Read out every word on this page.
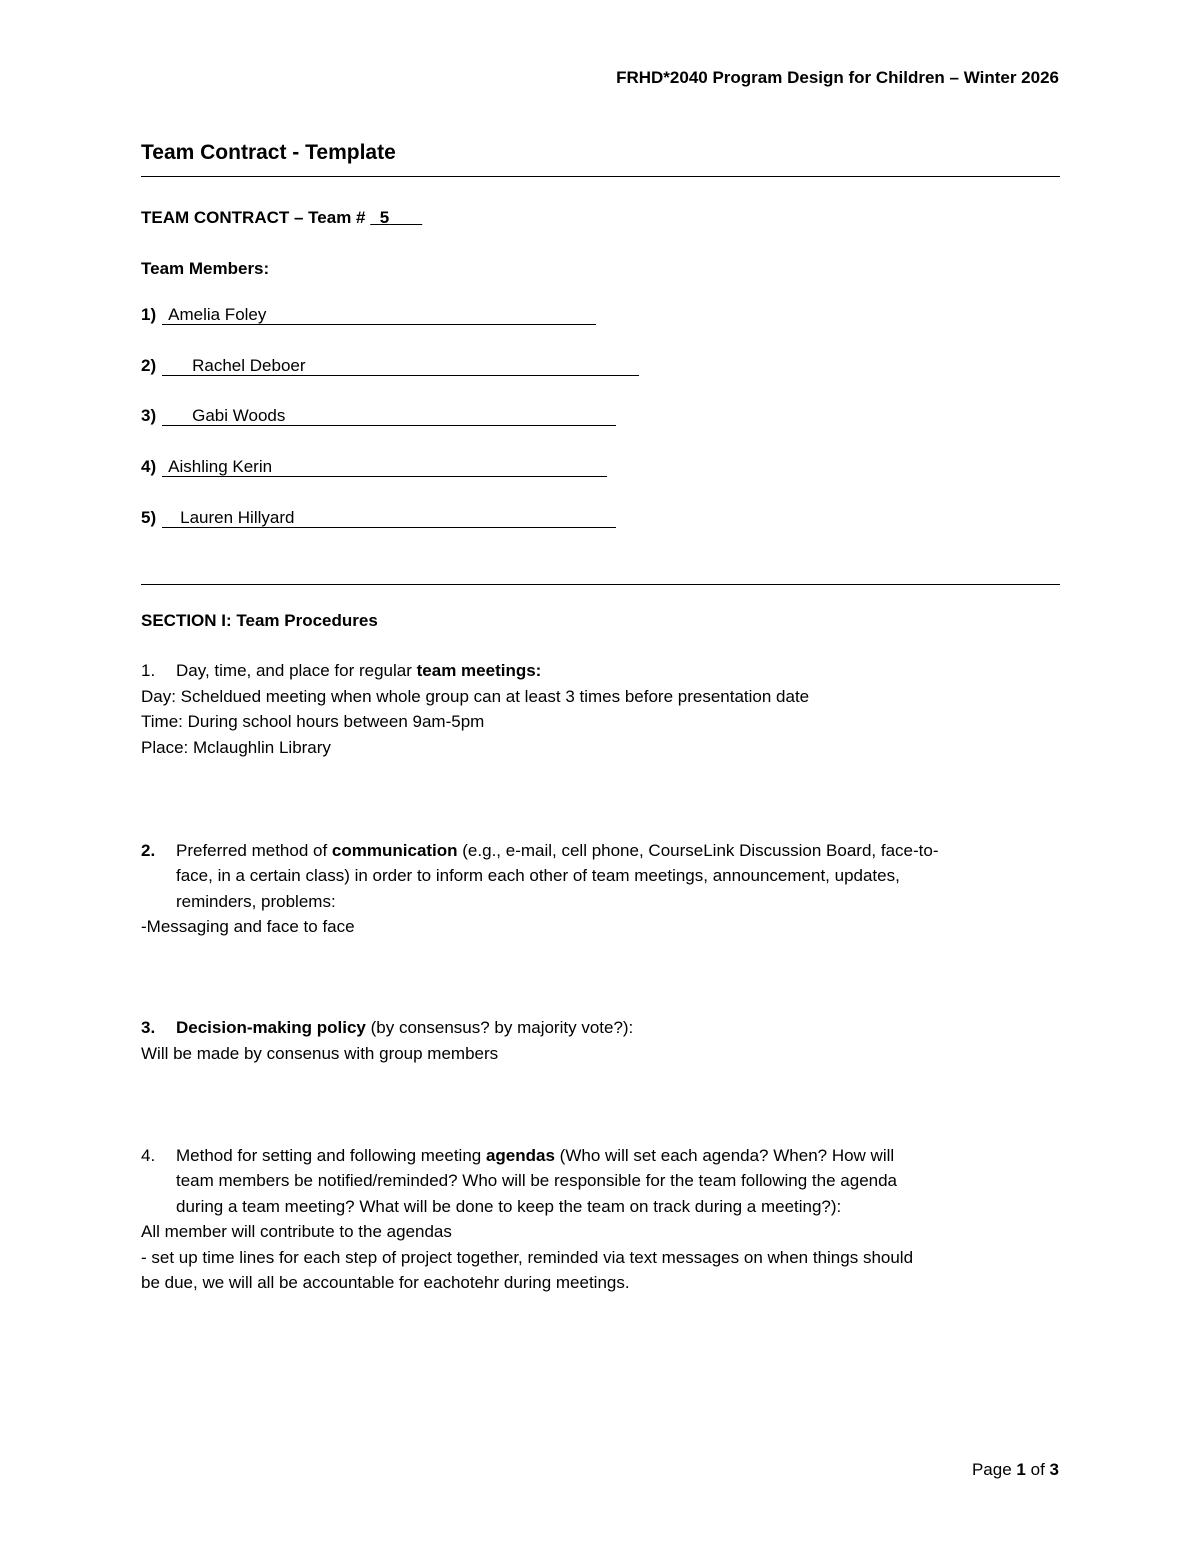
FRHD*2040 Program Design for Children – Winter 2026
Team Contract - Template
TEAM CONTRACT – Team # 5
Team Members:
1) Amelia Foley
2)	Rachel Deboer
3)	Gabi Woods
4) Aishling Kerin
5)	Lauren Hillyard
SECTION I: Team Procedures
1. Day, time, and place for regular team meetings:
Day: Scheldued meeting when whole group can at least 3 times before presentation date
Time: During school hours between 9am-5pm
Place: Mclaughlin Library
2. Preferred method of communication (e.g., e-mail, cell phone, CourseLink Discussion Board, face-to-
face, in a certain class) in order to inform each other of team meetings, announcement, updates,
reminders, problems:
-Messaging and face to face
3. Decision-making policy (by consensus? by majority vote?):
Will be made by consenus with group members
4. Method for setting and following meeting agendas (Who will set each agenda? When? How will
team members be notified/reminded? Who will be responsible for the team following the agenda
during a team meeting? What will be done to keep the team on track during a meeting?):
All member will contribute to the agendas
- set up time lines for each step of project together, reminded via text messages on when things should
be due, we will all be accountable for eachotehr during meetings.
Page 1 of 3
